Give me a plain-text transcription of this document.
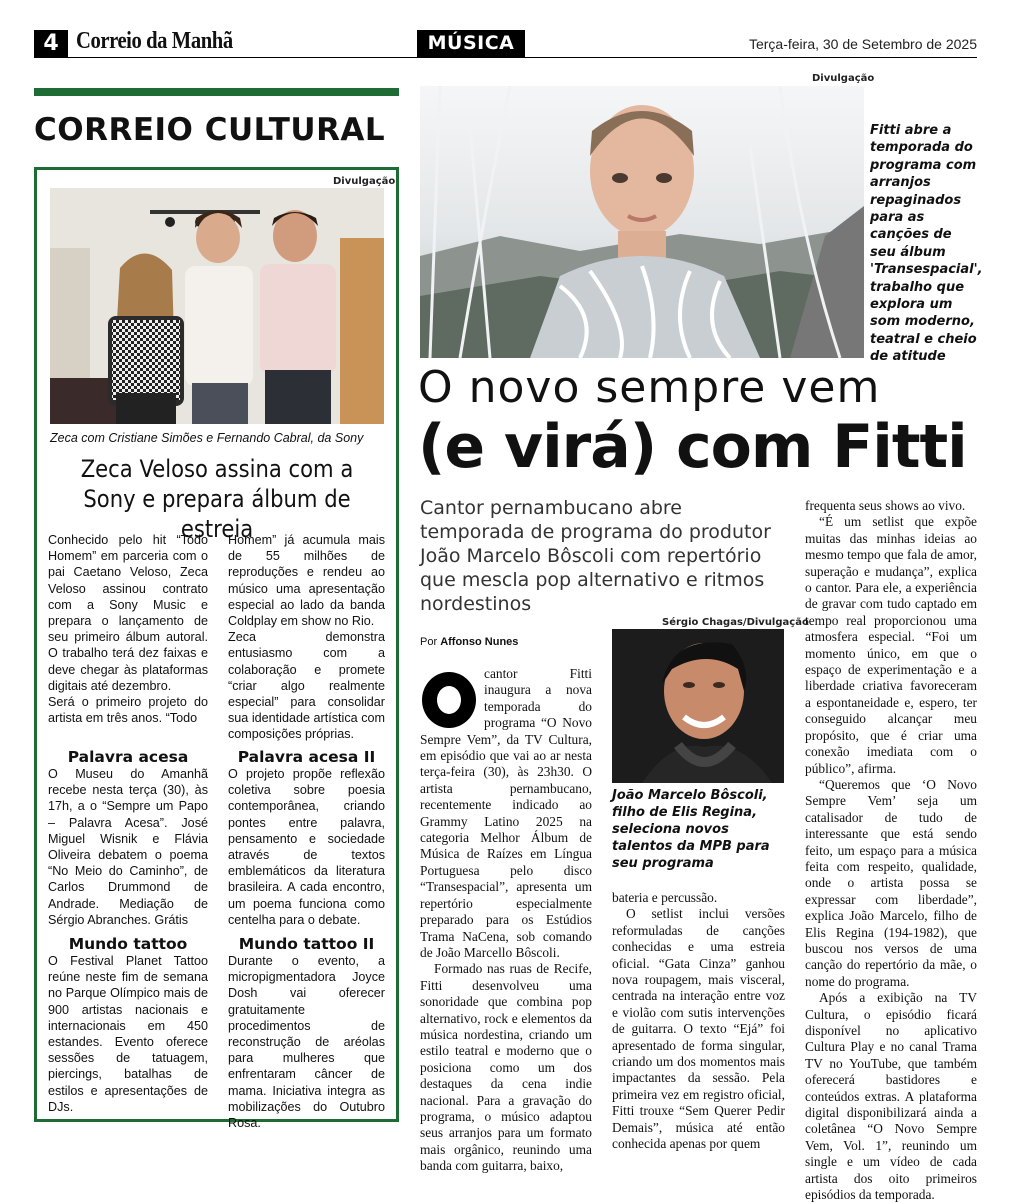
4 Correio da Manhã	MÚSICA	Terça-feira, 30 de Setembro de 2025
CORREIO CULTURAL
Divulgação
Zeca com Cristiane Simões e Fernando Cabral, da Sony
Zeca Veloso assina com a Sony e prepara álbum de estreia

Conhecido pelo hit “Todo Homem” em parceria com o pai Caetano Veloso, Zeca Veloso assinou contrato com a Sony Music e prepara o lançamento de seu primeiro álbum autoral. O trabalho terá dez faixas e deve chegar às plataformas digitais até dezembro.

Será o primeiro projeto do artista em três anos. “Todo

Homem” já acumula mais de 55 milhões de reproduções e rendeu ao músico uma apresentação especial ao lado da banda Coldplay em show no Rio.

Zeca demonstra entusiasmo com a colaboração e promete “criar algo realmente especial” para consolidar sua identidade artística com composições próprias.

Palavra acesa

O Museu do Amanhã recebe nesta terça (30), às 17h, a o “Sempre um Papo – Palavra Acesa”. José Miguel Wisnik e Flávia Oliveira debatem o poema “No Meio do Caminho”, de Carlos Drummond de Andrade. Mediação de Sérgio Abranches. Grátis

Palavra acesa II

O projeto propõe reflexão coletiva sobre poesia contemporânea, criando pontes entre palavra, pensamento e sociedade através de textos emblemáticos da literatura brasileira. A cada encontro, um poema funciona como centelha para o debate.

Mundo tattoo

O Festival Planet Tattoo reúne neste fim de semana no Parque Olímpico mais de 900 artistas nacionais e internacionais em 450 estandes. Evento oferece sessões de tatuagem, piercings, batalhas de estilos e apresentações de DJs.

Mundo tattoo II

Durante o evento, a micropigmentadora Joyce Dosh vai oferecer gratuitamente procedimentos de reconstrução de aréolas para mulheres que enfrentaram câncer de mama. Iniciativa integra as mobilizações do Outubro Rosa.

Divulgação
Fitti abre a temporada do programa com arranjos repaginados para as canções de seu álbum 'Transespacial', trabalho que explora um som moderno, teatral e cheio de atitude
O novo sempre vem
(e virá) com Fitti
Cantor pernambucano abre temporada de programa do produtor João Marcelo Bôscoli com repertório que mescla pop alternativo e ritmos nordestinos
Por Affonso Nunes
Sérgio Chagas/Divulgação
João Marcelo Bôscoli, filho de Elis Regina, seleciona novos talentos da MPB para seu programa

cantor Fitti inaugura a nova temporada do programa “O Novo Sempre Vem”, da TV Cultura, em episódio que vai ao ar nesta terça-feira (30), às 23h30. O artista pernambucano, recentemente indicado ao Grammy Latino 2025 na categoria Melhor Álbum de Música de Raízes em Língua Portuguesa pelo disco “Transespacial”, apresenta um repertório especialmente preparado para os Estúdios Trama NaCena, sob comando de João Marcello Bôscoli.

Formado nas ruas de Recife, Fitti desenvolveu uma sonoridade que combina pop alternativo, rock e elementos da música nordestina, criando um estilo teatral e moderno que o posiciona como um dos destaques da cena indie nacional. Para a gravação do programa, o músico adaptou seus arranjos para um formato mais orgânico, reunindo uma banda com guitarra, baixo,

bateria e percussão.

O setlist inclui versões reformuladas de canções conhecidas e uma estreia oficial. “Gata Cinza” ganhou nova roupagem, mais visceral, centrada na interação entre voz e violão com sutis intervenções de guitarra. O texto “Ejá” foi apresentado de forma singular, criando um dos momentos mais impactantes da sessão. Pela primeira vez em registro oficial, Fitti trouxe “Sem Querer Pedir Demais”, música até então conhecida apenas por quem

frequenta seus shows ao vivo.

“É um setlist que expõe muitas das minhas ideias ao mesmo tempo que fala de amor, superação e mudança”, explica o cantor. Para ele, a experiência de gravar com tudo captado em tempo real proporcionou uma atmosfera especial. “Foi um momento único, em que o espaço de experimentação e a liberdade criativa favoreceram a espontaneidade e, espero, ter conseguido alcançar meu propósito, que é criar uma conexão imediata com o público”, afirma.

“Queremos que ‘O Novo Sempre Vem’ seja um catalisador de tudo de interessante que está sendo feito, um espaço para a música feita com respeito, qualidade, onde o artista possa se expressar com liberdade”, explica João Marcelo, filho de Elis Regina (194-1982), que buscou nos versos de uma canção do repertório da mãe, o nome do programa.

Após a exibição na TV Cultura, o episódio ficará disponível no aplicativo Cultura Play e no canal Trama TV no YouTube, que também oferecerá bastidores e conteúdos extras. A plataforma digital disponibilizará ainda a coletânea “O Novo Sempre Vem, Vol. 1”, reunindo um single e um vídeo de cada artista dos oito primeiros episódios da temporada.
